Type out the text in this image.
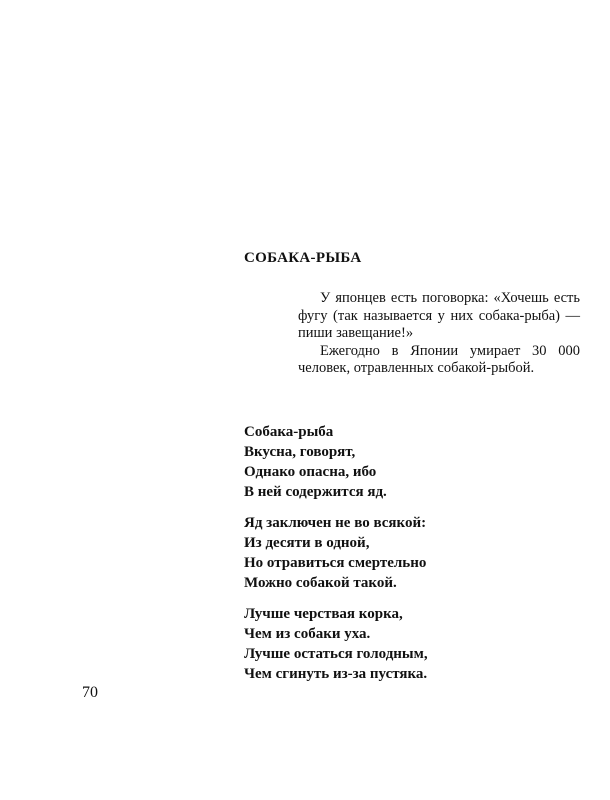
СОБАКА-РЫБА

У японцев есть поговорка: «Хочешь есть фугу (так называется у них собака-рыба) — пиши завещание!»

Ежегодно в Японии умирает 30 000 человек, отравленных собакой-рыбой.

Собака-рыба
Вкусна, говорят,
Однако опасна, ибо
В ней содержится яд.
Яд заключен не во всякой:
Из десяти в одной,
Но отравиться смертельно
Можно собакой такой.
Лучше черствая корка,
Чем из собаки уха.
Лучше остаться голодным,
Чем сгинуть из-за пустяка.
70
